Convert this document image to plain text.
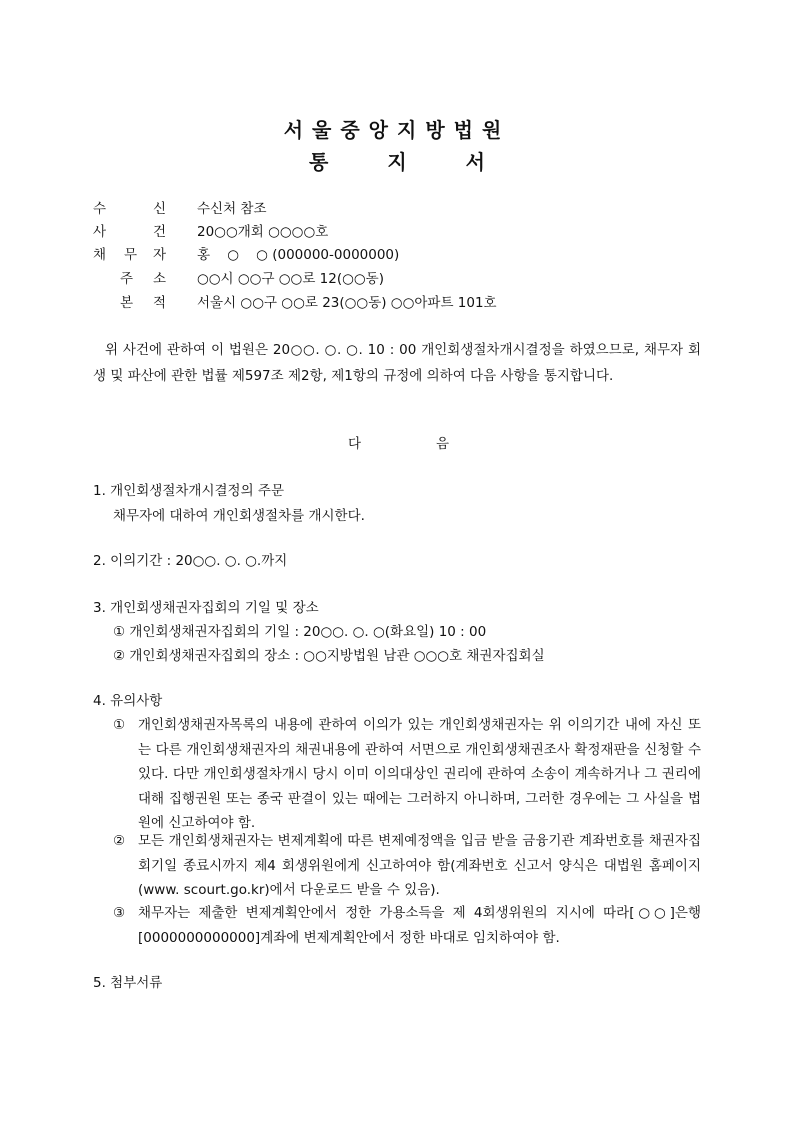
서울중앙지방법원
통 지 서
수	신 수신처 참조
사	건 20○○개회 ○○○○호
채 무 자 홍    ○    ○ (000000-0000000)
주 소 ○○시 ○○구 ○○로 12(○○동)
본 적 서울시 ○○구 ○○로 23(○○동) ○○아파트 101호
위 사건에 관하여 이 법원은 20○○. ○. ○. 10 : 00 개인회생절차개시결정을 하였으므로, 채무자 회생 및 파산에 관한 법률 제597조 제2항, 제1항의 규정에 의하여 다음 사항을 통지합니다.
다	음
1. 개인회생절차개시결정의 주문
채무자에 대하여 개인회생절차를 개시한다.
2. 이의기간 : 20○○. ○. ○.까지
3. 개인회생채권자집회의 기일 및 장소
① 개인회생채권자집회의 기일 : 20○○. ○. ○(화요일) 10 : 00
② 개인회생채권자집회의 장소 : ○○지방법원 남관 ○○○호 채권자집회실
4. 유의사항
① 개인회생채권자목록의 내용에 관하여 이의가 있는 개인회생채권자는 위 이의기간 내에 자신 또는 다른 개인회생채권자의 채권내용에 관하여 서면으로 개인회생채권조사 확정재판을 신청할 수 있다. 다만 개인회생절차개시 당시 이미 이의대상인 권리에 관하여 소송이 계속하거나 그 권리에 대해 집행권원 또는 종국 판결이 있는 때에는 그러하지 아니하며, 그러한 경우에는 그 사실을 법원에 신고하여야 함.
② 모든 개인회생채권자는 변제계획에 따른 변제예정액을 입금 받을 금융기관 계좌번호를 채권자집회기일 종료시까지 제4 회생위원에게 신고하여야 함(계좌번호 신고서 양식은 대법원 홈페이지(www. scourt.go.kr)에서 다운로드 받을 수 있음).
③ 채무자는 제출한 변제계획안에서 정한 가용소득을 제 4회생위원의 지시에 따라[○○]은행[0000000000000]계좌에 변제계획안에서 정한 바대로 임치하여야 함.
5. 첨부서류
